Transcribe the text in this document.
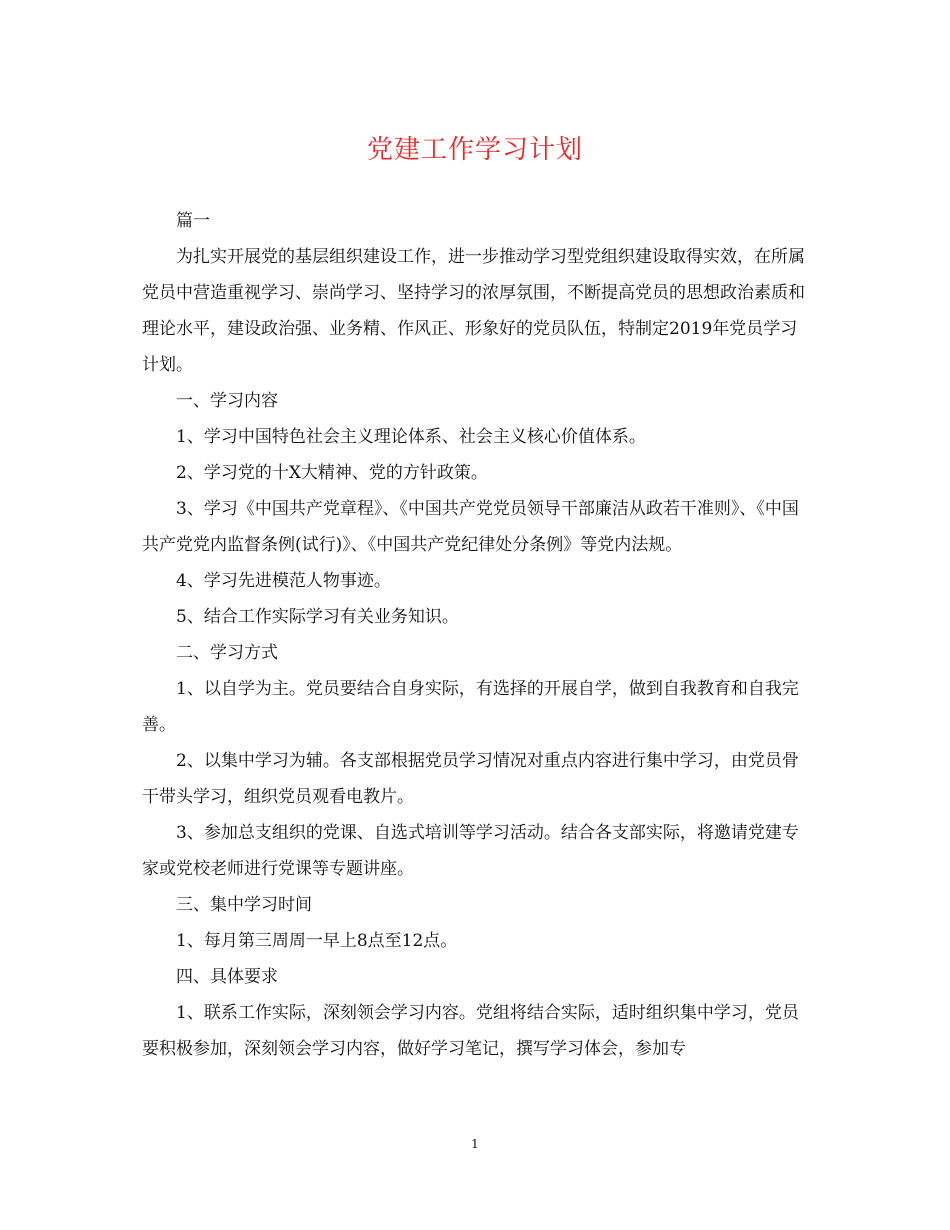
党建工作学习计划

篇一

为扎实开展党的基层组织建设工作，进一步推动学习型党组织建设取得实效，在所属党员中营造重视学习、崇尚学习、坚持学习的浓厚氛围，不断提高党员的思想政治素质和理论水平，建设政治强、业务精、作风正、形象好的党员队伍，特制定2019年党员学习计划。

一、学习内容

1、学习中国特色社会主义理论体系、社会主义核心价值体系。

2、学习党的十X大精神、党的方针政策。

3、学习《中国共产党章程》、《中国共产党党员领导干部廉洁从政若干准则》、《中国共产党党内监督条例(试行)》、《中国共产党纪律处分条例》等党内法规。

4、学习先进模范人物事迹。

5、结合工作实际学习有关业务知识。

二、学习方式

1、以自学为主。党员要结合自身实际，有选择的开展自学，做到自我教育和自我完善。

2、以集中学习为辅。各支部根据党员学习情况对重点内容进行集中学习，由党员骨干带头学习，组织党员观看电教片。

3、参加总支组织的党课、自选式培训等学习活动。结合各支部实际，将邀请党建专家或党校老师进行党课等专题讲座。

三、集中学习时间

1、每月第三周周一早上8点至12点。

四、具体要求

1、联系工作实际，深刻领会学习内容。党组将结合实际，适时组织集中学习，党员要积极参加，深刻领会学习内容，做好学习笔记，撰写学习体会，参加专

1
